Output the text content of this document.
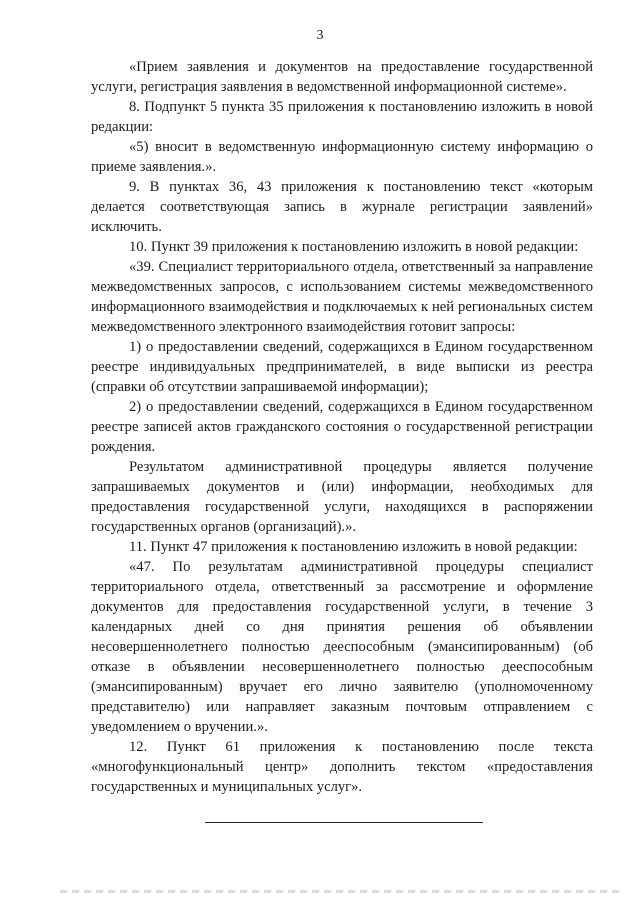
3

«Прием заявления и документов на предоставление государственной услуги, регистрация заявления в ведомственной информационной системе».

8. Подпункт 5 пункта 35 приложения к постановлению изложить в новой редакции:

«5) вносит в ведомственную информационную систему информацию о приеме заявления.».

9. В пунктах 36, 43 приложения к постановлению текст «которым делается соответствующая запись в журнале регистрации заявлений» исключить.

10. Пункт 39 приложения к постановлению изложить в новой редакции:

«39. Специалист территориального отдела, ответственный за направление межведомственных запросов, с использованием системы межведомственного информационного взаимодействия и подключаемых к ней региональных систем межведомственного электронного взаимодействия готовит запросы:

1) о предоставлении сведений, содержащихся в Едином государственном реестре индивидуальных предпринимателей, в виде выписки из реестра (справки об отсутствии запрашиваемой информации);

2) о предоставлении сведений, содержащихся в Едином государственном реестре записей актов гражданского состояния о государственной регистрации рождения.

Результатом административной процедуры является получение запрашиваемых документов и (или) информации, необходимых для предоставления государственной услуги, находящихся в распоряжении государственных органов (организаций).».

11. Пункт 47 приложения к постановлению изложить в новой редакции:

«47. По результатам административной процедуры специалист территориального отдела, ответственный за рассмотрение и оформление документов для предоставления государственной услуги, в течение 3 календарных дней со дня принятия решения об объявлении несовершеннолетнего полностью дееспособным (эмансипированным) (об отказе в объявлении несовершеннолетнего полностью дееспособным (эмансипированным) вручает его лично заявителю (уполномоченному представителю) или направляет заказным почтовым отправлением с уведомлением о вручении.».

12. Пункт 61 приложения к постановлению после текста «многофункциональный центр» дополнить текстом «предоставления государственных и муниципальных услуг».
